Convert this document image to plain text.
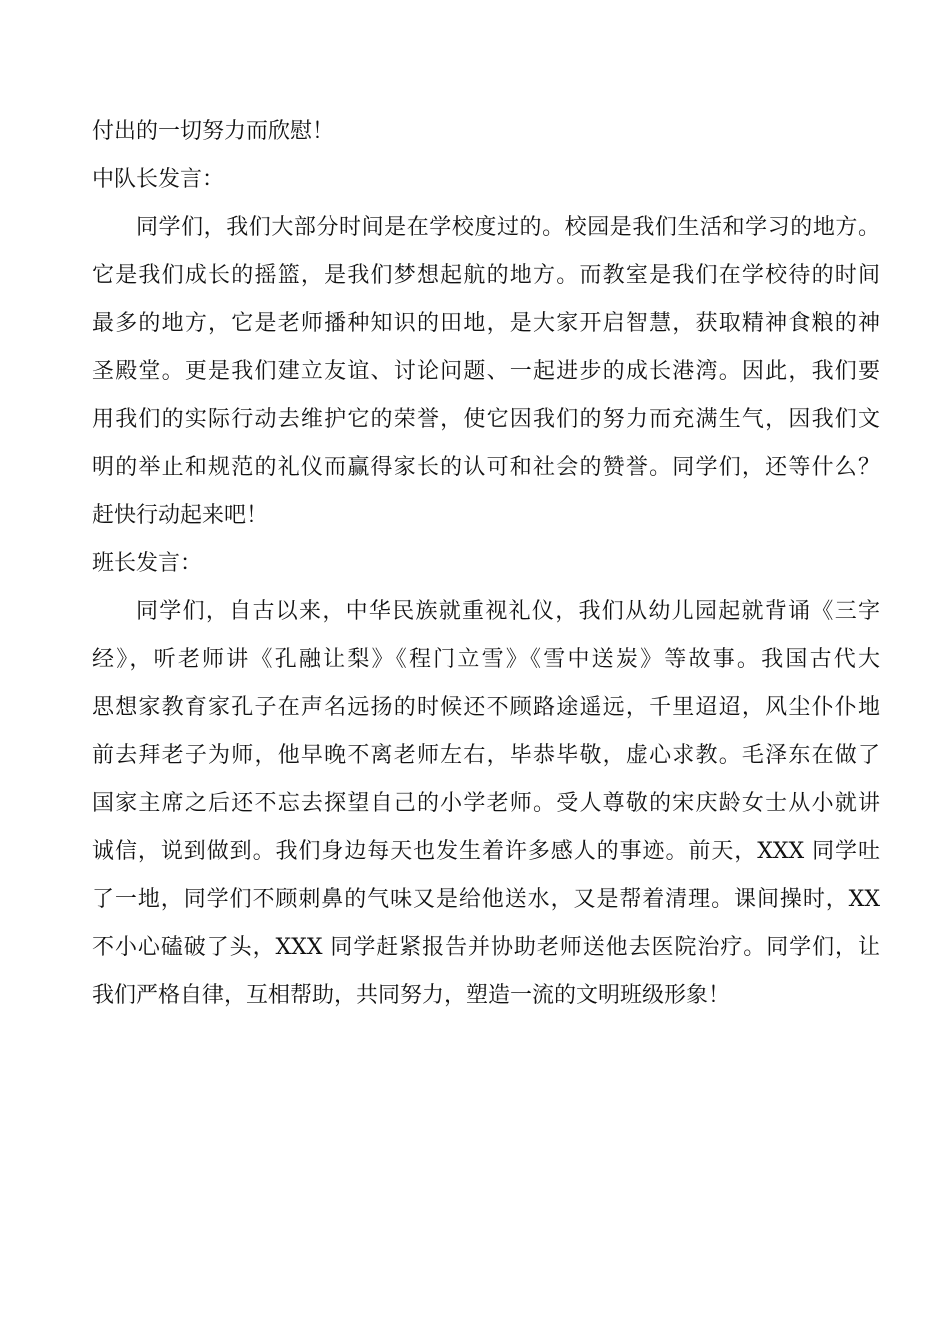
付出的一切努力而欣慰！
中队长发言：
同学们，我们大部分时间是在学校度过的。校园是我们生活和学习的地方。
它是我们成长的摇篮，是我们梦想起航的地方。而教室是我们在学校待的时间
最多的地方，它是老师播种知识的田地，是大家开启智慧，获取精神食粮的神
圣殿堂。更是我们建立友谊、讨论问题、一起进步的成长港湾。因此，我们要
用我们的实际行动去维护它的荣誉，使它因我们的努力而充满生气，因我们文
明的举止和规范的礼仪而赢得家长的认可和社会的赞誉。同学们，还等什么？
赶快行动起来吧！
班长发言：
同学们，自古以来，中华民族就重视礼仪，我们从幼儿园起就背诵《三字
经》，听老师讲《孔融让梨》《程门立雪》《雪中送炭》等故事。我国古代大
思想家教育家孔子在声名远扬的时候还不顾路途遥远，千里迢迢，风尘仆仆地
前去拜老子为师，他早晚不离老师左右，毕恭毕敬，虚心求教。毛泽东在做了
国家主席之后还不忘去探望自己的小学老师。受人尊敬的宋庆龄女士从小就讲
诚信，说到做到。我们身边每天也发生着许多感人的事迹。前天，XXX 同学吐
了一地，同学们不顾刺鼻的气味又是给他送水，又是帮着清理。课间操时，XX
不小心磕破了头，XXX 同学赶紧报告并协助老师送他去医院治疗。同学们，让
我们严格自律，互相帮助，共同努力，塑造一流的文明班级形象！
